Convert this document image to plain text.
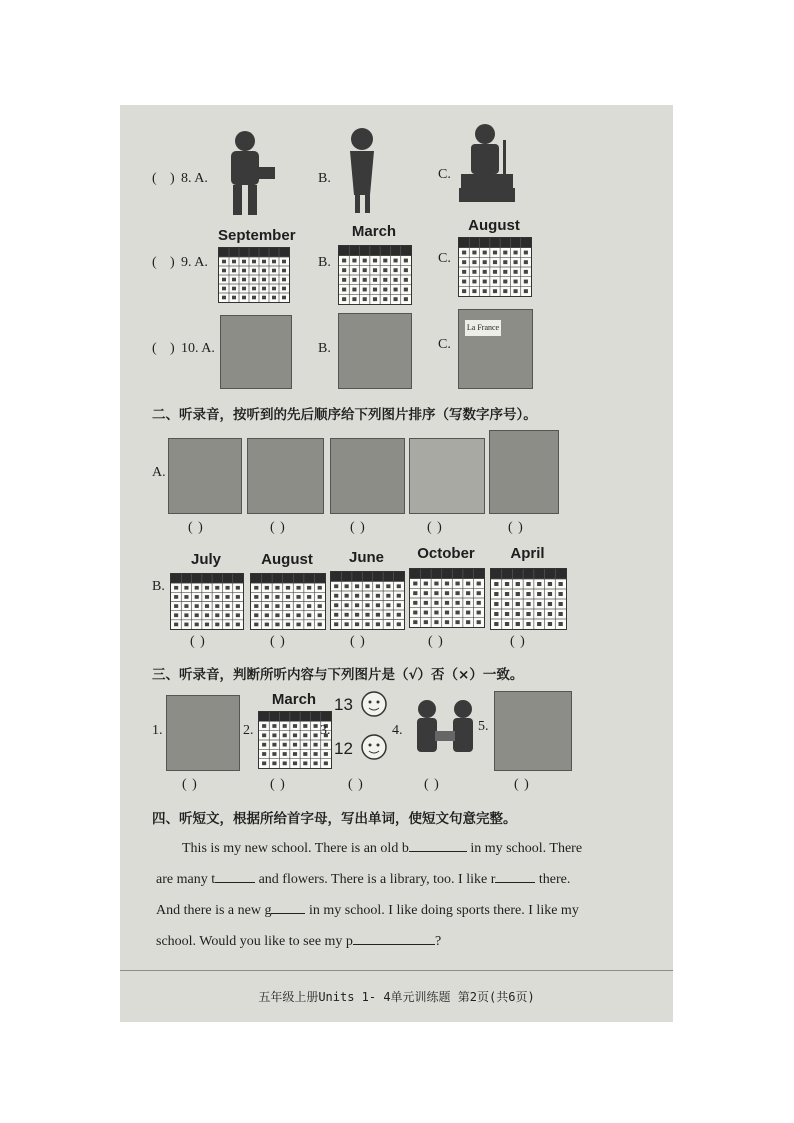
( ) 8. A.	B.	C.
( ) 9. A.
September
B.
March
C.
August
( ) 10. A.	B.	C.
La France
二、听录音，按听到的先后顺序给下列图片排序（写数字序号）。
A.
( )	( )	( )	( )	( )
B.
July	August	June	October	April
( )	( )	( )	( )	( )
三、听录音，判断所听内容与下列图片是（√）否（×）一致。
1.	2.
March
3.
13
12
4.	5.
( )	( )	( )	( )	( )
四、听短文，根据所给首字母，写出单词，使短文句意完整。
This is my new school. There is an old b	in my school. There
are many t	and flowers. There is a library, too. I like r	there.
And there is a new g in my school. I like doing sports there. I like my
school. Would you like to see my p	?
五年级上册Units 1- 4单元训练题 第2页(共6页)
